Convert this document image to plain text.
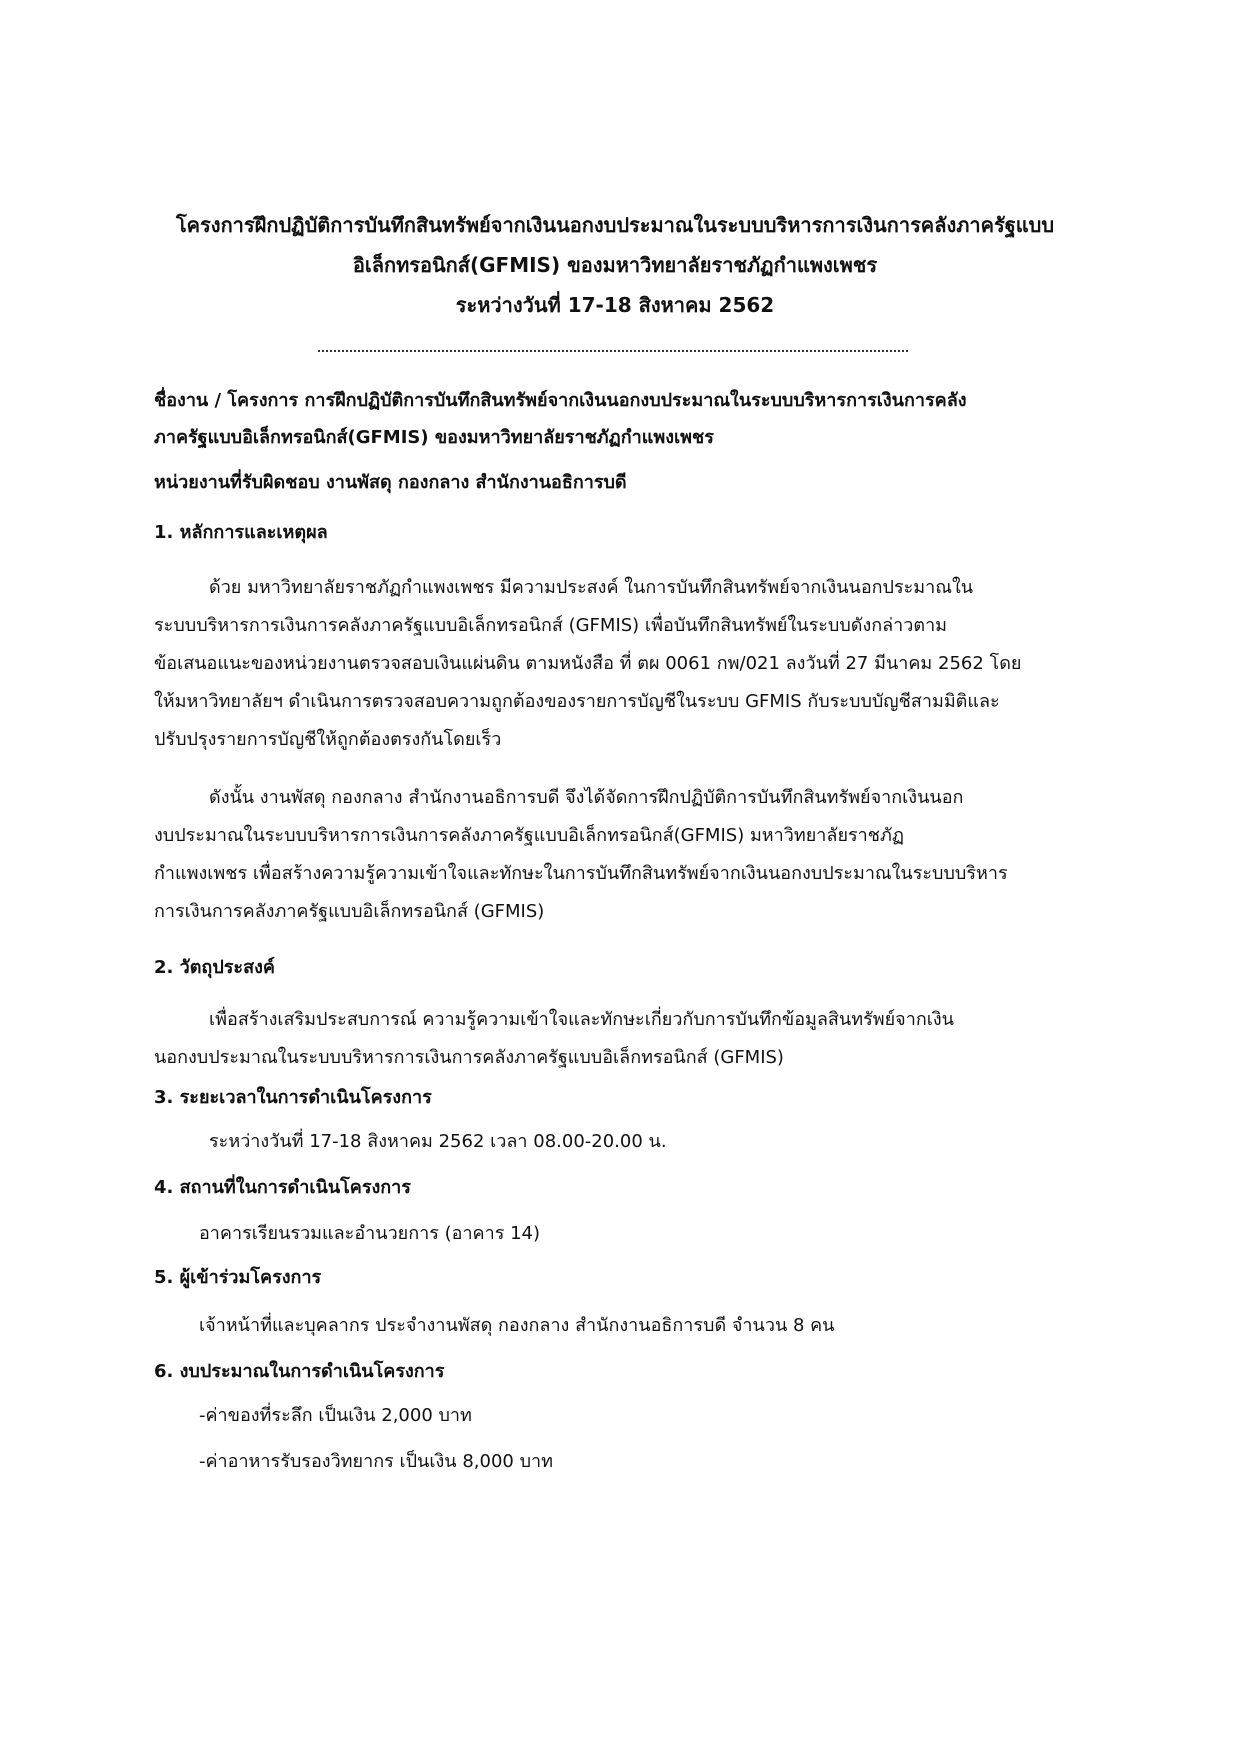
โครงการฝึกปฏิบัติการบันทึกสินทรัพย์จากเงินนอกงบประมาณในระบบบริหารการเงินการคลังภาครัฐแบบ
อิเล็กทรอนิกส์(GFMIS) ของมหาวิทยาลัยราชภัฏกำแพงเพชร
ระหว่างวันที่ 17-18 สิงหาคม 2562
ชื่องาน / โครงการ การฝึกปฏิบัติการบันทึกสินทรัพย์จากเงินนอกงบประมาณในระบบบริหารการเงินการคลัง
ภาครัฐแบบอิเล็กทรอนิกส์(GFMIS) ของมหาวิทยาลัยราชภัฏกำแพงเพชร
หน่วยงานที่รับผิดชอบ งานพัสดุ กองกลาง สำนักงานอธิการบดี
1. หลักการและเหตุผล
ด้วย มหาวิทยาลัยราชภัฏกำแพงเพชร มีความประสงค์ ในการบันทึกสินทรัพย์จากเงินนอกประมาณใน
ระบบบริหารการเงินการคลังภาครัฐแบบอิเล็กทรอนิกส์ (GFMIS) เพื่อบันทึกสินทรัพย์ในระบบดังกล่าวตาม
ข้อเสนอแนะของหน่วยงานตรวจสอบเงินแผ่นดิน ตามหนังสือ ที่ ตผ 0061 กพ/021 ลงวันที่ 27 มีนาคม 2562 โดย
ให้มหาวิทยาลัยฯ ดำเนินการตรวจสอบความถูกต้องของรายการบัญชีในระบบ GFMIS กับระบบบัญชีสามมิติและ
ปรับปรุงรายการบัญชีให้ถูกต้องตรงกันโดยเร็ว
ดังนั้น งานพัสดุ กองกลาง สำนักงานอธิการบดี จึงได้จัดการฝึกปฏิบัติการบันทึกสินทรัพย์จากเงินนอก
งบประมาณในระบบบริหารการเงินการคลังภาครัฐแบบอิเล็กทรอนิกส์(GFMIS) มหาวิทยาลัยราชภัฏ
กำแพงเพชร เพื่อสร้างความรู้ความเข้าใจและทักษะในการบันทึกสินทรัพย์จากเงินนอกงบประมาณในระบบบริหาร
การเงินการคลังภาครัฐแบบอิเล็กทรอนิกส์ (GFMIS)
2. วัตถุประสงค์
เพื่อสร้างเสริมประสบการณ์ ความรู้ความเข้าใจและทักษะเกี่ยวกับการบันทึกข้อมูลสินทรัพย์จากเงิน
นอกงบประมาณในระบบบริหารการเงินการคลังภาครัฐแบบอิเล็กทรอนิกส์ (GFMIS)
3. ระยะเวลาในการดำเนินโครงการ
ระหว่างวันที่ 17-18 สิงหาคม 2562 เวลา 08.00-20.00 น.
4. สถานที่ในการดำเนินโครงการ
อาคารเรียนรวมและอำนวยการ (อาคาร 14)
5. ผู้เข้าร่วมโครงการ
เจ้าหน้าที่และบุคลากร ประจำงานพัสดุ กองกลาง สำนักงานอธิการบดี จำนวน 8 คน
6. งบประมาณในการดำเนินโครงการ
-ค่าของที่ระลึก เป็นเงิน 2,000 บาท
-ค่าอาหารรับรองวิทยากร เป็นเงิน 8,000 บาท
